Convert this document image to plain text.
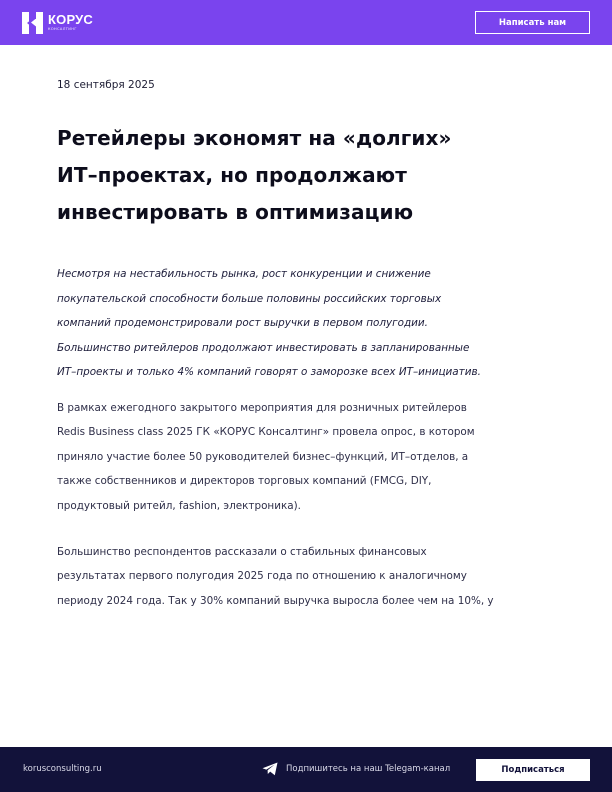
КОРУС
КОНСАЛТИНГ
Написать нам
18 сентября 2025
Ретейлеры экономят на «долгих»
ИТ–проектах, но продолжают
инвестировать в оптимизацию

Несмотря на нестабильность рынка, рост конкуренции и снижение
покупательской способности больше половины российских торговых
компаний продемонстрировали рост выручки в первом полугодии.
Большинство ритейлеров продолжают инвестировать в запланированные
ИТ–проекты и только 4% компаний говорят о заморозке всех ИТ–инициатив.

В рамках ежегодного закрытого мероприятия для розничных ритейлеров
Redis Business class 2025 ГК «КОРУС Консалтинг» провела опрос, в котором
приняло участие более 50 руководителей бизнес–функций, ИТ–отделов, а
также собственников и директоров торговых компаний (FMCG, DIY,
продуктовый ритейл, fashion, электроника).

Большинство респондентов рассказали о стабильных финансовых
результатах первого полугодия 2025 года по отношению к аналогичному
периоду 2024 года. Так у 30% компаний выручка выросла более чем на 10%, у

korusconsulting.ru	Подпишитесь на наш Telegam-канал	Подписаться
